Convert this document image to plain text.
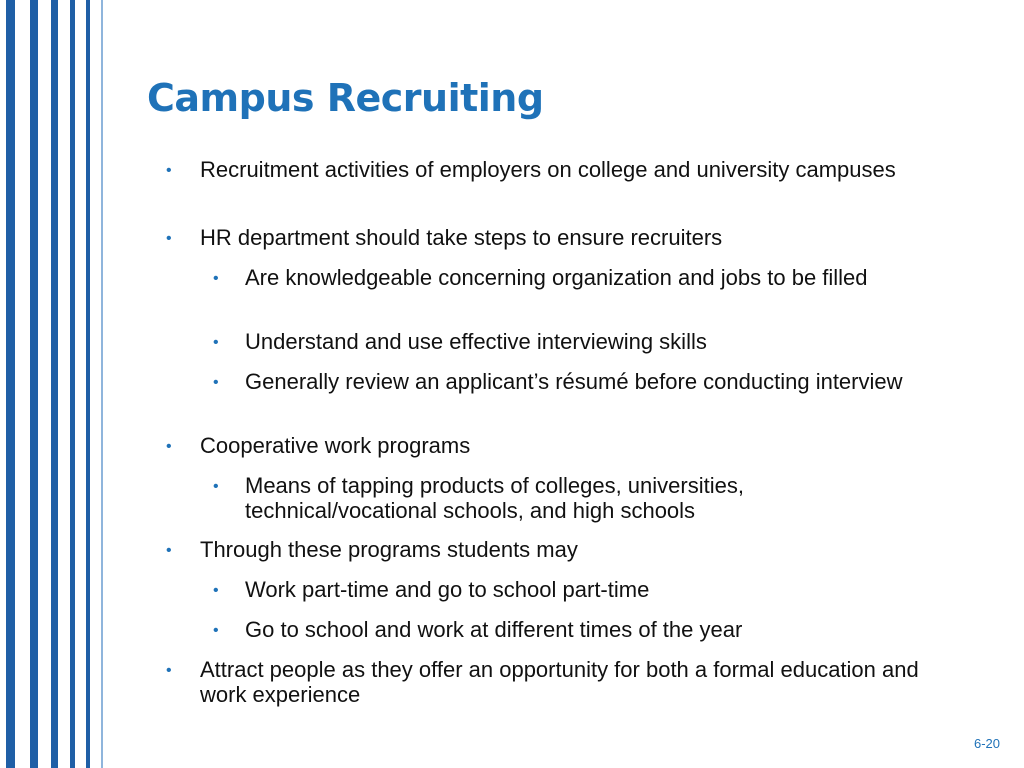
Campus Recruiting
• Recruitment activities of employers on college and university campuses
• HR department should take steps to ensure recruiters
• Are knowledgeable concerning organization and jobs to be filled
• Understand and use effective interviewing skills
• Generally review an applicant’s résumé before conducting interview
• Cooperative work programs
• Means of tapping products of colleges, universities, technical/vocational schools, and high schools
• Through these programs students may
• Work part-time and go to school part-time
• Go to school and work at different times of the year
• Attract people as they offer an opportunity for both a formal education and work experience
6-20
